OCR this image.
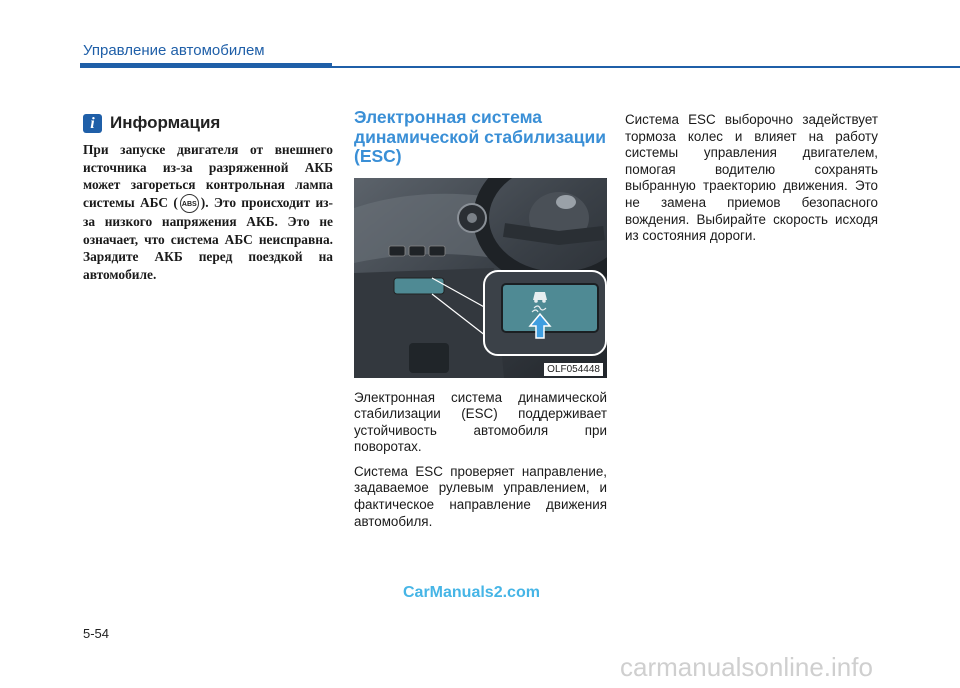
Управление автомобилем
i Информация
При запуске двигателя от внешнего источника из-за разряженной АКБ может загореться контрольная лампа системы АБС ( ABS ). Это происходит из-за низкого напряжения АКБ. Это не означает, что система АБС неисправна. Зарядите АКБ перед поездкой на автомобиле.
Электронная система динамической стабилизации (ESC)
OLF054448

Электронная система динамической стабилизации (ESC) поддерживает устойчивость автомобиля при поворотах.

Система ESC проверяет направление, задаваемое рулевым управлением, и фактическое направление движения автомобиля.

Система ESC выборочно задействует тормоза колес и влияет на работу системы управления двигателем, помогая водителю сохранять выбранную траекторию движения. Это не замена приемов безопасного вождения. Выбирайте скорость исходя из состояния дороги.

CarManuals2.com
5-54
carmanualsonline.info
